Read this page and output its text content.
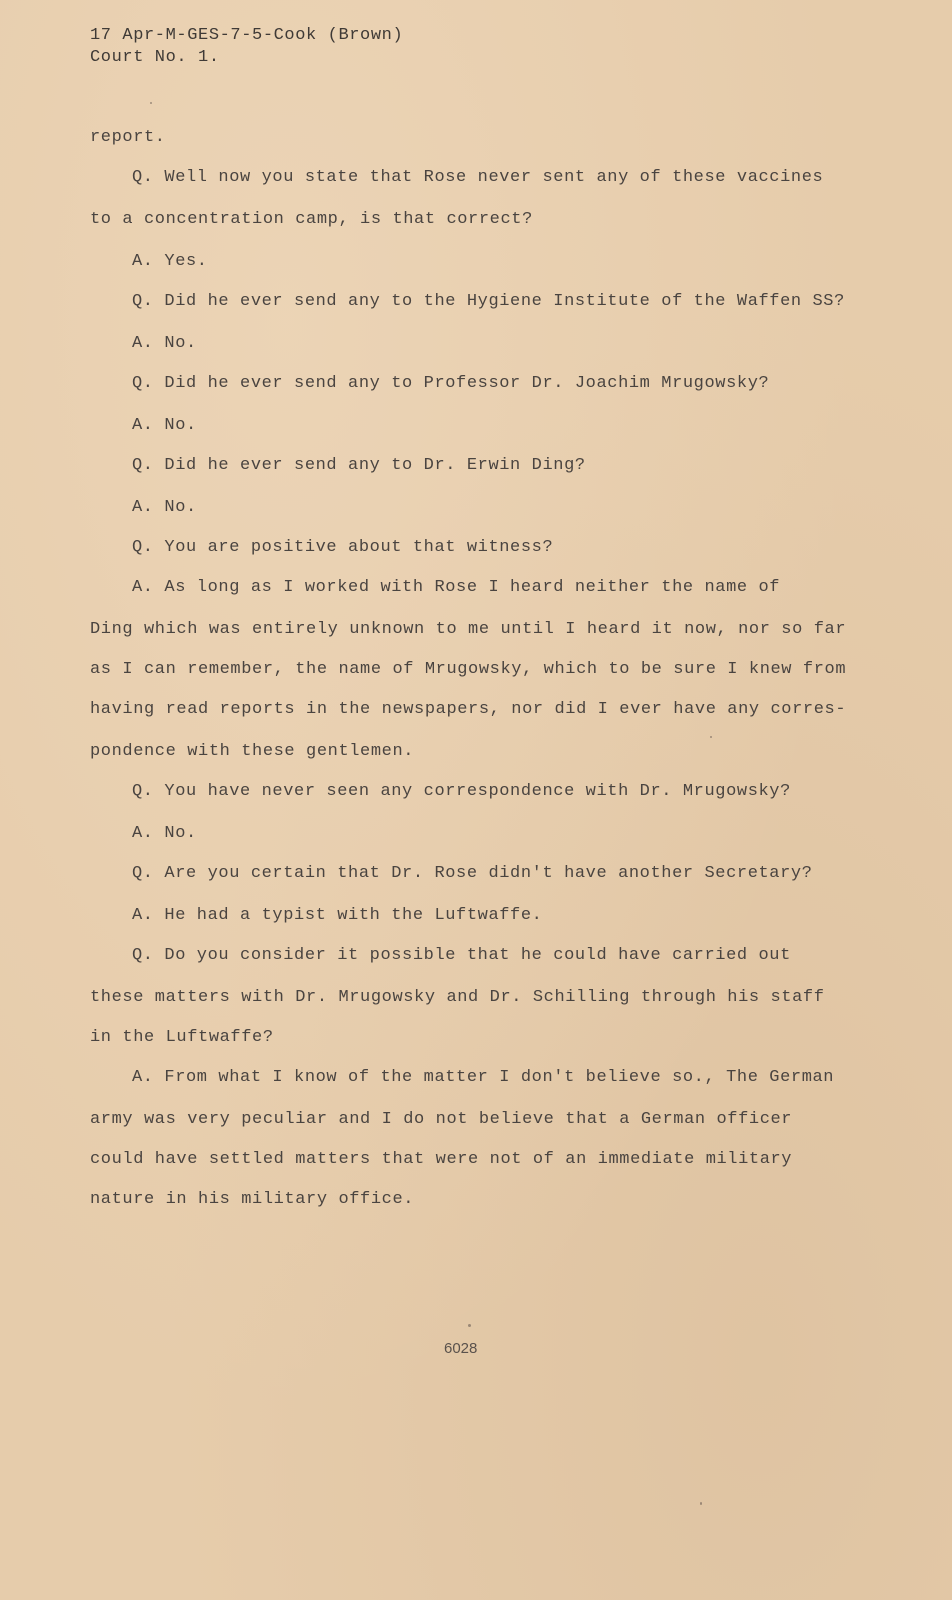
17 Apr-M-GES-7-5-Cook (Brown)
Court No. 1.
report.
Q. Well now you state that Rose never sent any of these vaccines
to a concentration camp, is that correct?
A. Yes.
Q. Did he ever send any to the Hygiene Institute of the Waffen SS?
A. No.
Q. Did he ever send any to Professor Dr. Joachim Mrugowsky?
A. No.
Q. Did he ever send any to Dr. Erwin Ding?
A. No.
Q. You are positive about that witness?
A. As long as I worked with Rose I heard neither the name of
Ding which was entirely unknown to me until I heard it now, nor so far
as I can remember, the name of Mrugowsky, which to be sure I knew from
having read reports in the newspapers, nor did I ever have any corres-
pondence with these gentlemen.
Q. You have never seen any correspondence with Dr. Mrugowsky?
A. No.
Q. Are you certain that Dr. Rose didn't have another Secretary?
A. He had a typist with the Luftwaffe.
Q. Do you consider it possible that he could have carried out
these matters with Dr. Mrugowsky and Dr. Schilling through his staff
in the Luftwaffe?
A. From what I know of the matter I don't believe so., The German
army was very peculiar and I do not believe that a German officer
could have settled matters that were not of an immediate military
nature in his military office.
6028
